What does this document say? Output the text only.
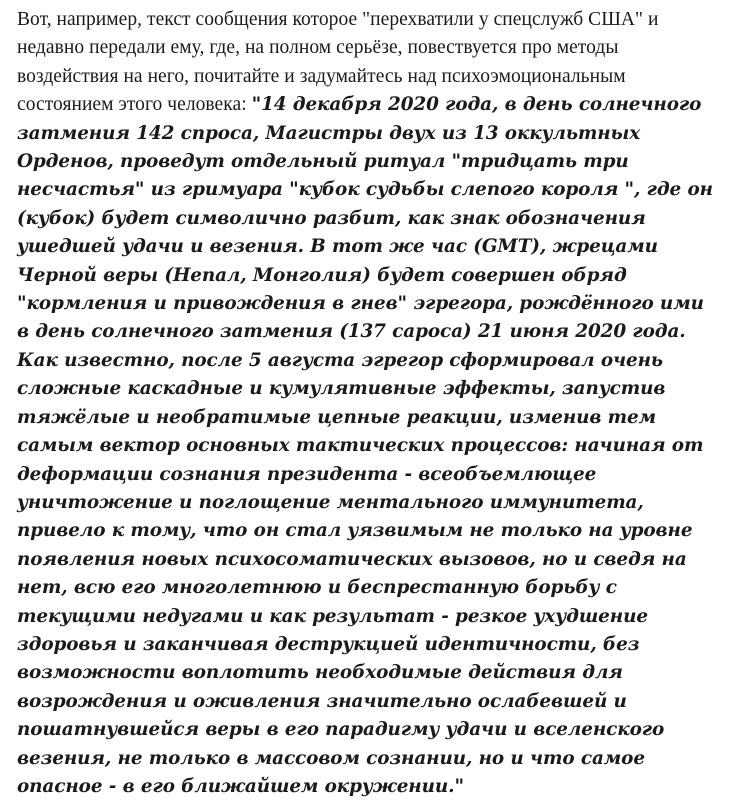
Вот, например, текст сообщения которое "перехватили у спецслужб США" и недавно передали ему, где, на полном серьёзе, повествуется про методы воздействия на него, почитайте и задумайтесь над психоэмоциональным состоянием этого человека: "14 декабря 2020 года, в день солнечного затмения 142 спроса, Магистры двух из 13 оккультных Орденов, проведут отдельный ритуал "тридцать три несчастья" из гримуара "кубок судьбы слепого короля ", где он (кубок) будет символично разбит, как знак обозначения ушедшей удачи и везения. В тот же час (GMT), жрецами Черной веры (Непал, Монголия) будет совершен обряд "кормления и привождения в гнев" эгрегора, рождённого ими в день солнечного затмения (137 сароса) 21 июня 2020 года. Как известно, после 5 августа эгрегор сформировал очень сложные каскадные и кумулятивные эффекты, запустив тяжёлые и необратимые цепные реакции, изменив тем самым вектор основных тактических процессов: начиная от деформации сознания президента - всеобъемлющее уничтожение и поглощение ментального иммунитета, привело к тому, что он стал уязвимым не только на уровне появления новых психосоматических вызовов, но и сведя на нет, всю его многолетнюю и беспрестанную борьбу с текущими недугами и как результат - резкое ухудшение здоровья и заканчивая деструкцией идентичности, без возможности воплотить необходимые действия для возрождения и оживления значительно ослабевшей и пошатнувшейся веры в его парадигму удачи и вселенского везения, не только в массовом сознании, но и что самое опасное - в его ближайшем окружении."
